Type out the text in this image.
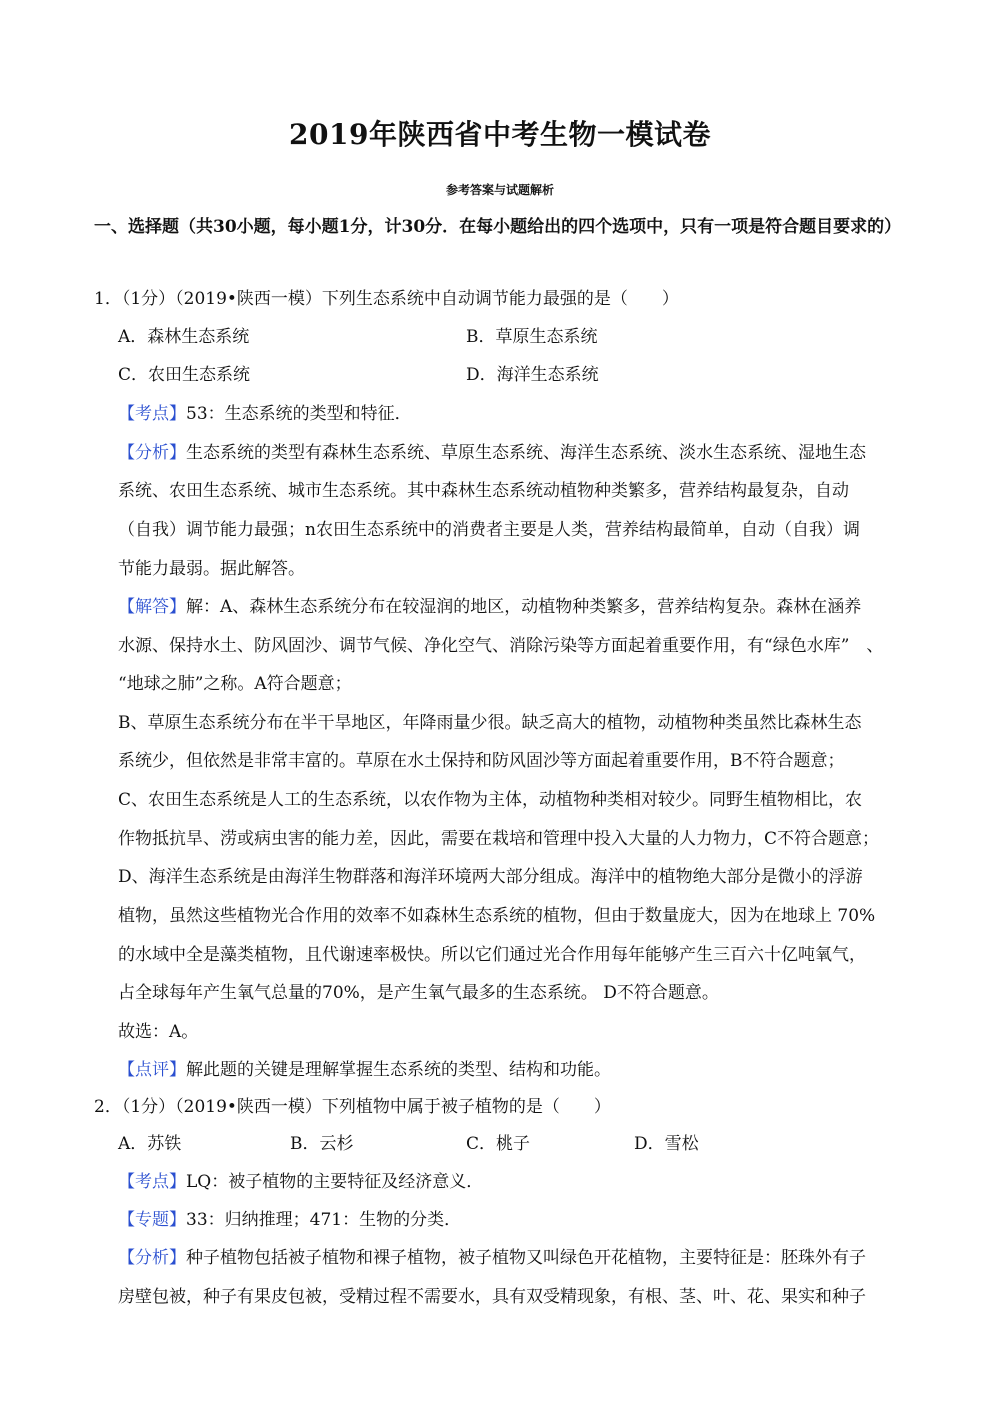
2019年陕西省中考生物一模试卷
参考答案与试题解析
一、选择题（共30小题，每小题1分，计30分．在每小题给出的四个选项中，只有一项是符合题目要求的）
1．（1分）（2019•陕西一模）下列生态系统中自动调节能力最强的是（　　）
A．森林生态系统	B．草原生态系统
C．农田生态系统	D．海洋生态系统
【考点】53：生态系统的类型和特征．
【分析】生态系统的类型有森林生态系统、草原生态系统、海洋生态系统、淡水生态系统、湿地生态
系统、农田生态系统、城市生态系统。其中森林生态系统动植物种类繁多，营养结构最复杂，自动
（自我）调节能力最强；n农田生态系统中的消费者主要是人类，营养结构最简单，自动（自我）调
节能力最弱。据此解答。
【解答】解：A、森林生态系统分布在较湿润的地区，动植物种类繁多，营养结构复杂。森林在涵养
水源、保持水土、防风固沙、调节气候、净化空气、消除污染等方面起着重要作用，有“绿色水库”　、
“地球之肺”之称。A符合题意；
B、草原生态系统分布在半干旱地区，年降雨量少很。缺乏高大的植物，动植物种类虽然比森林生态
系统少，但依然是非常丰富的。草原在水土保持和防风固沙等方面起着重要作用，B不符合题意；
C、农田生态系统是人工的生态系统，以农作物为主体，动植物种类相对较少。同野生植物相比，农
作物抵抗旱、涝或病虫害的能力差，因此，需要在栽培和管理中投入大量的人力物力，C不符合题意；
D、海洋生态系统是由海洋生物群落和海洋环境两大部分组成。海洋中的植物绝大部分是微小的浮游
植物，虽然这些植物光合作用的效率不如森林生态系统的植物，但由于数量庞大，因为在地球上 70%
的水域中全是藻类植物，且代谢速率极快。所以它们通过光合作用每年能够产生三百六十亿吨氧气，
占全球每年产生氧气总量的70%，是产生氧气最多的生态系统。 D不符合题意。
故选：A。
【点评】解此题的关键是理解掌握生态系统的类型、结构和功能。
2．（1分）（2019•陕西一模）下列植物中属于被子植物的是（　　）
A．苏铁	B．云杉	C．桃子	D．雪松
【考点】LQ：被子植物的主要特征及经济意义．
【专题】33：归纳推理；471：生物的分类．
【分析】种子植物包括被子植物和裸子植物，被子植物又叫绿色开花植物，主要特征是：胚珠外有子
房壁包被，种子有果皮包被，受精过程不需要水，具有双受精现象，有根、茎、叶、花、果实和种子
